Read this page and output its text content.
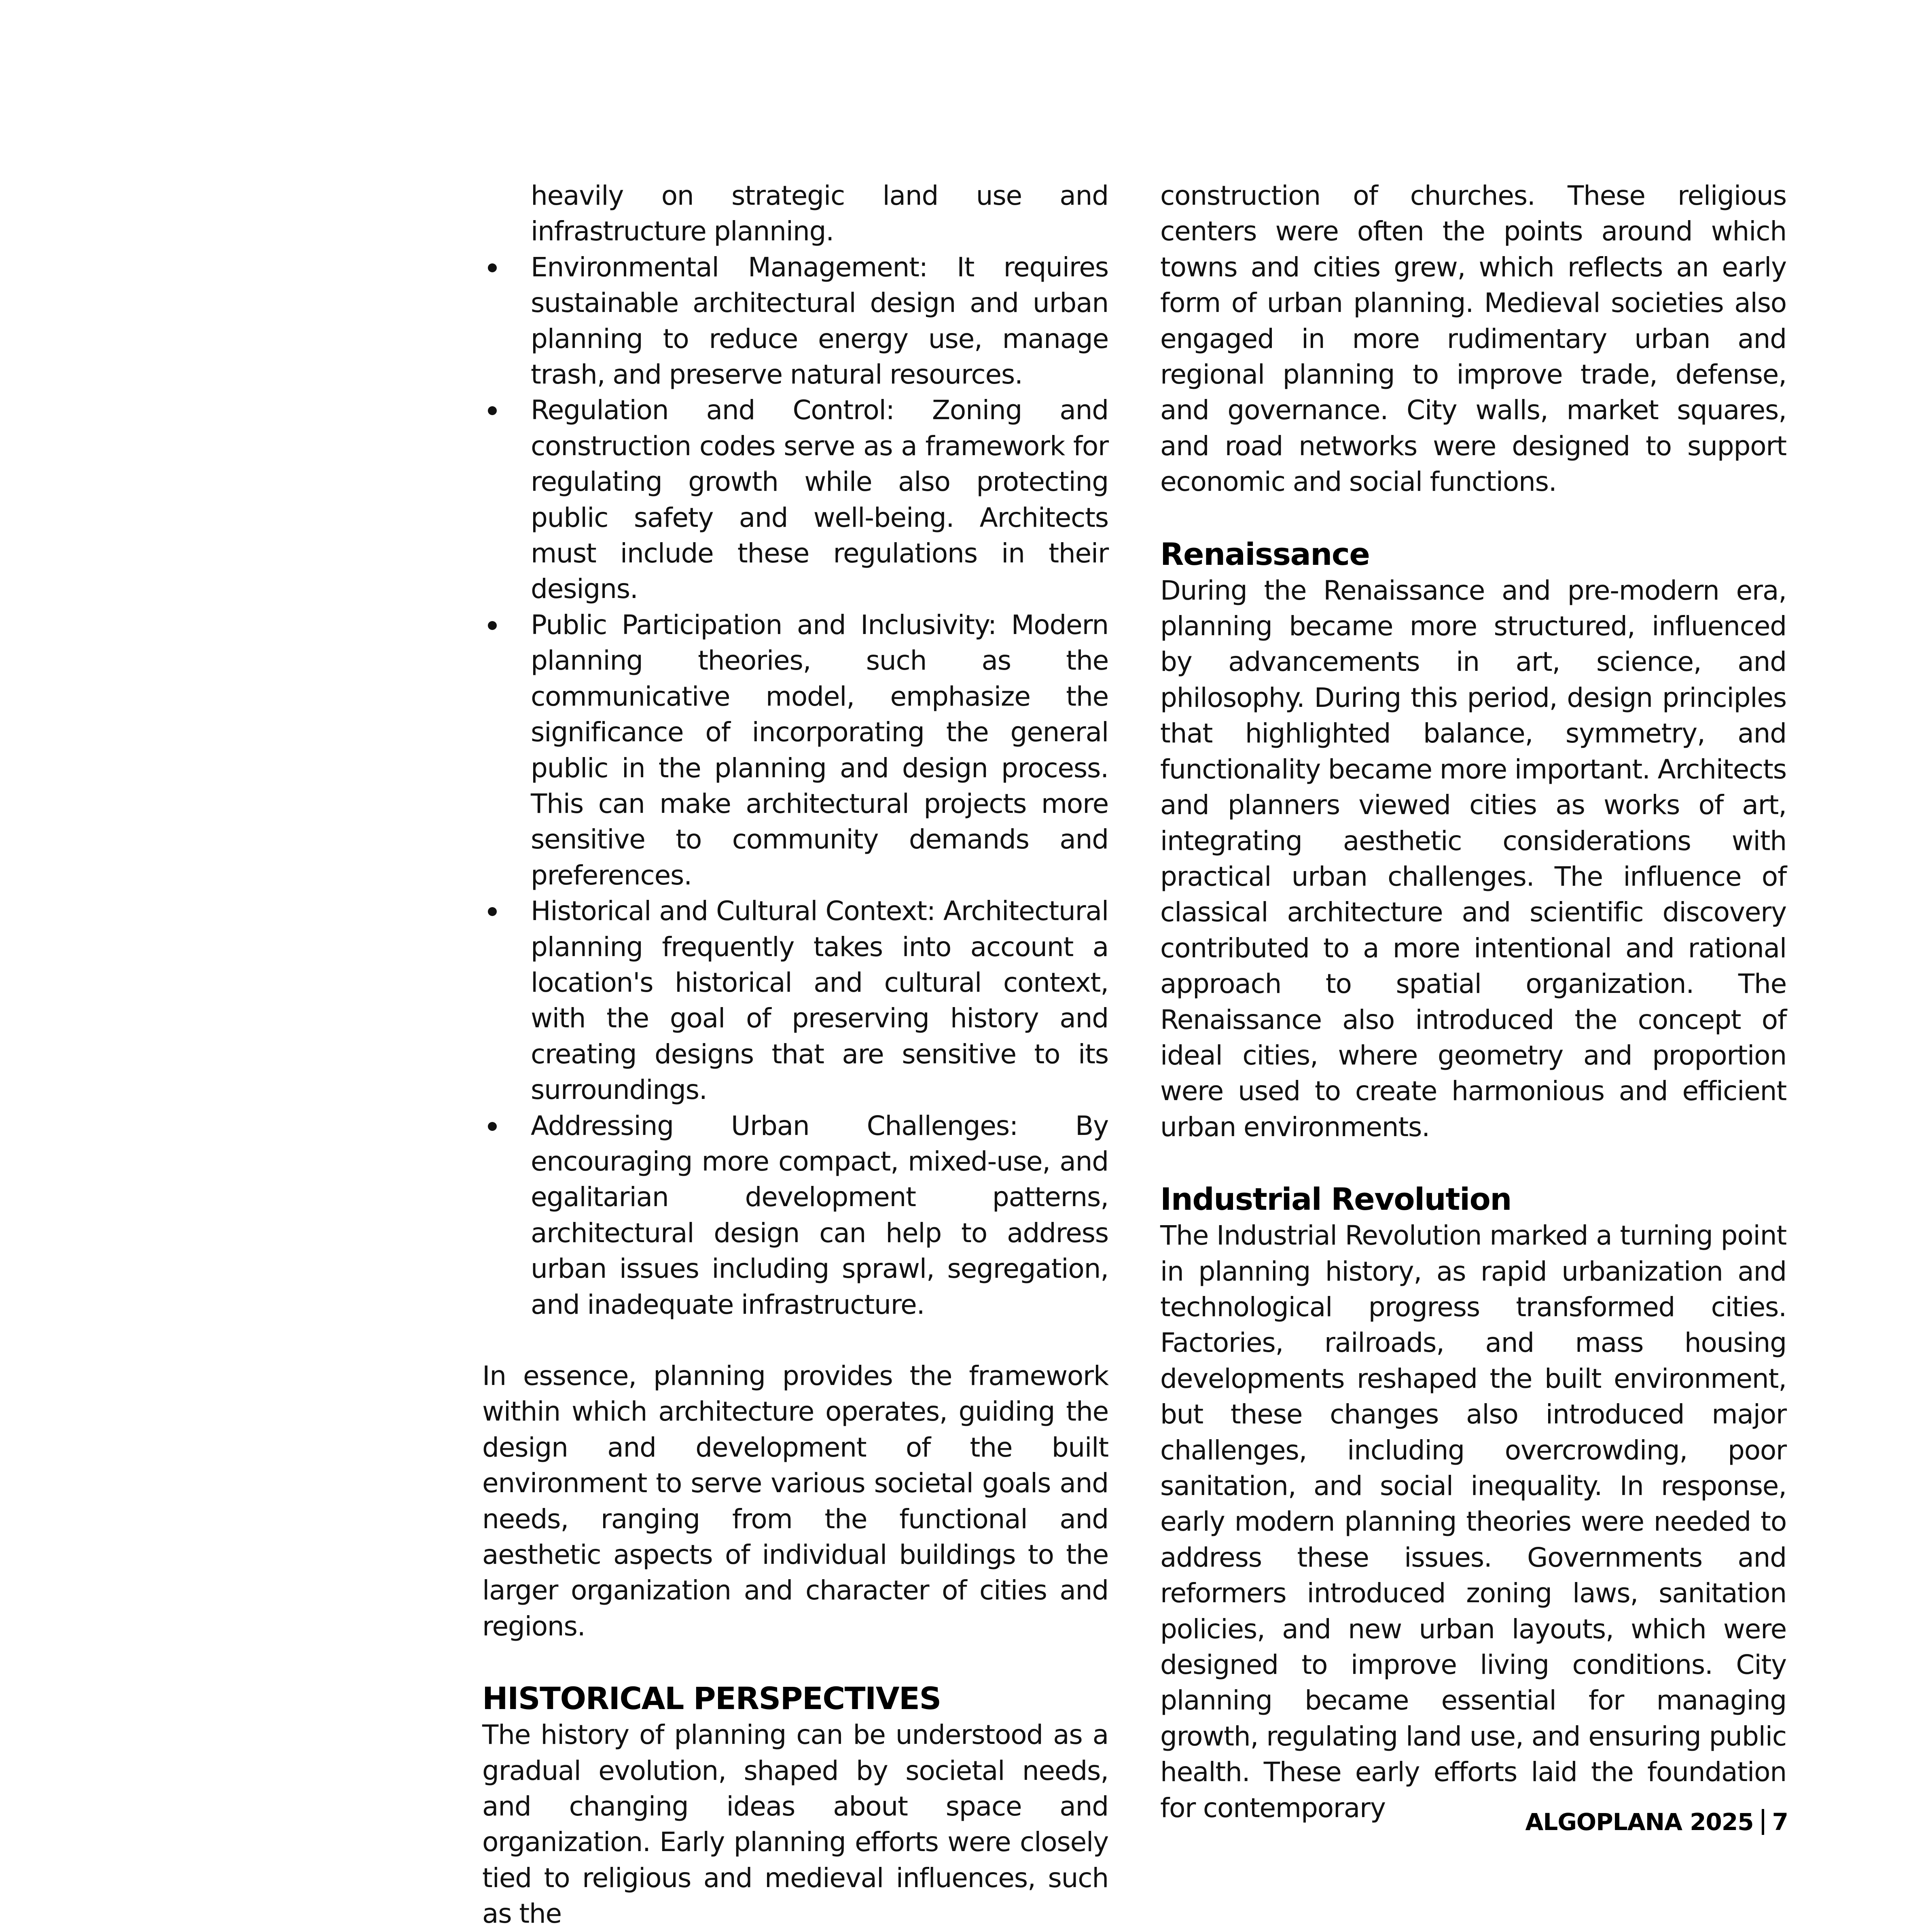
heavily on strategic land use and infrastructure planning.
Environmental Management: It requires sustainable architectural design and urban planning to reduce energy use, manage trash, and preserve natural resources.
Regulation and Control: Zoning and construction codes serve as a framework for regulating growth while also protecting public safety and well-being. Architects must include these regulations in their designs.
Public Participation and Inclusivity: Modern planning theories, such as the communicative model, emphasize the significance of incorporating the general public in the planning and design process. This can make architectural projects more sensitive to community demands and preferences.
Historical and Cultural Context: Architectural planning frequently takes into account a location's historical and cultural context, with the goal of preserving history and creating designs that are sensitive to its surroundings.
Addressing Urban Challenges: By encouraging more compact, mixed-use, and egalitarian development patterns, architectural design can help to address urban issues including sprawl, segregation, and inadequate infrastructure.

In essence, planning provides the framework within which architecture operates, guiding the design and development of the built environment to serve various societal goals and needs, ranging from the functional and aesthetic aspects of individual buildings to the larger organization and character of cities and regions.

HISTORICAL PERSPECTIVES

The history of planning can be understood as a gradual evolution, shaped by societal needs, and changing ideas about space and organization. Early planning efforts were closely tied to religious and medieval influences, such as the

construction of churches. These religious centers were often the points around which towns and cities grew, which reflects an early form of urban planning. Medieval societies also engaged in more rudimentary urban and regional planning to improve trade, defense, and governance. City walls, market squares, and road networks were designed to support economic and social functions.

Renaissance

During the Renaissance and pre-modern era, planning became more structured, influenced by advancements in art, science, and philosophy. During this period, design principles that highlighted balance, symmetry, and functionality became more important. Architects and planners viewed cities as works of art, integrating aesthetic considerations with practical urban challenges. The influence of classical architecture and scientific discovery contributed to a more intentional and rational approach to spatial organization. The Renaissance also introduced the concept of ideal cities, where geometry and proportion were used to create harmonious and efficient urban environments.

Industrial Revolution

The Industrial Revolution marked a turning point in planning history, as rapid urbanization and technological progress transformed cities. Factories, railroads, and mass housing developments reshaped the built environment, but these changes also introduced major challenges, including overcrowding, poor sanitation, and social inequality. In response, early modern planning theories were needed to address these issues. Governments and reformers introduced zoning laws, sanitation policies, and new urban layouts, which were designed to improve living conditions. City planning became essential for managing growth, regulating land use, and ensuring public health. These early efforts laid the foundation for contemporary	ALGOPLANA 2025 7
